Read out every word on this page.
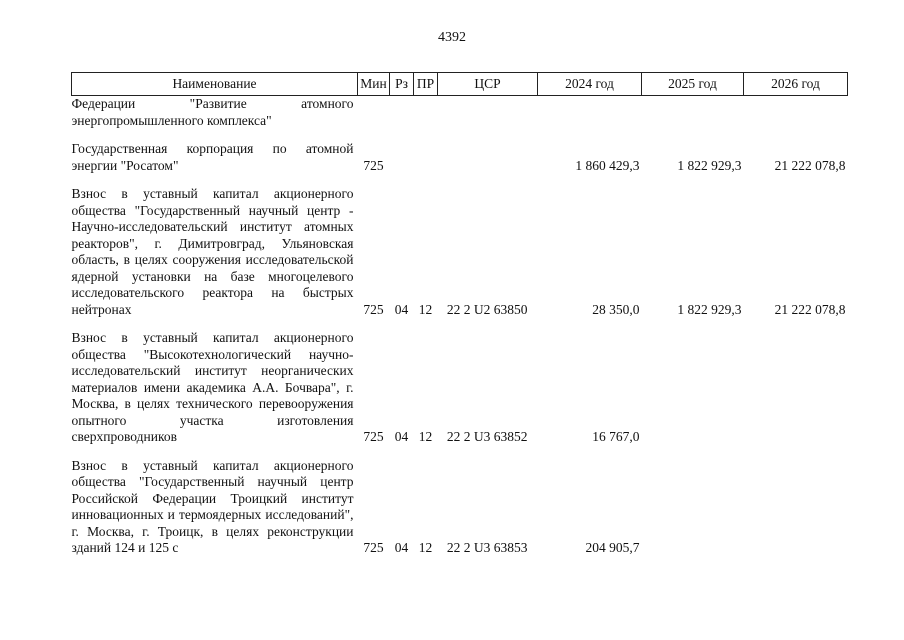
4392
Наименование	Мин	Рз	ПР	ЦСР	2024 год	2025 год	2026 год
Федерации "Развитие атомного энергопромышленного комплекса"							
Государственная корпорация по атомной энергии "Росатом"	725				1 860 429,3	1 822 929,3	21 222 078,8
Взнос в уставный капитал акционерного общества "Государственный научный центр - Научно-исследовательский институт атомных реакторов", г. Димитровград, Ульяновская область, в целях сооружения исследовательской ядерной установки на базе многоцелевого исследовательского реактора на быстрых нейтронах	725	04	12	22 2 U2 63850	28 350,0	1 822 929,3	21 222 078,8
Взнос в уставный капитал акционерного общества "Высокотехнологический научно-исследовательский институт неорганических материалов имени академика А.А. Бочвара", г. Москва, в целях технического перевооружения опытного участка изготовления сверхпроводников	725	04	12	22 2 U3 63852	16 767,0		
Взнос в уставный капитал акционерного общества "Государственный научный центр Российской Федерации Троицкий институт инновационных и термоядерных исследований", г. Москва, г. Троицк, в целях реконструкции зданий 124 и 125 с	725	04	12	22 2 U3 63853	204 905,7		
